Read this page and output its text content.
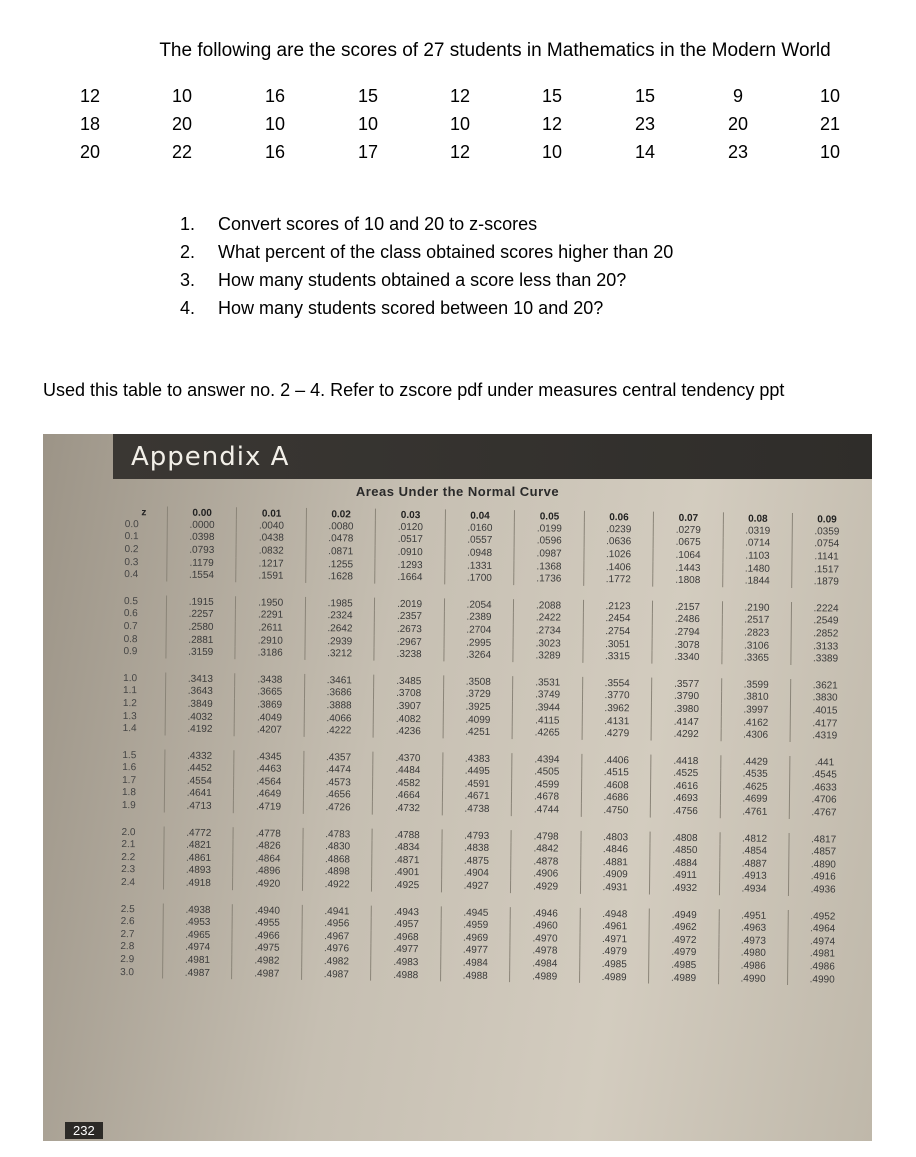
The following are the scores of 27 students in Mathematics in the Modern World
12	10	16	15	12	15	15	9	10
18	20	10	10	10	12	23	20	21
20	22	16	17	12	10	14	23	10
1. Convert scores of 10 and 20 to z-scores
2. What percent of the class obtained scores higher than 20
3. How many students obtained a score less than 20?
4. How many students scored between 10 and 20?
Used this table to answer no. 2 – 4. Refer to zscore pdf under measures central tendency ppt
Appendix A
Areas Under the Normal Curve
z	0.00	0.01	0.02	0.03	0.04	0.05	0.06	0.07	0.08	0.09
0.0	.0000	.0040	.0080	.0120	.0160	.0199	.0239	.0279	.0319	.0359
0.1	.0398	.0438	.0478	.0517	.0557	.0596	.0636	.0675	.0714	.0754
0.2	.0793	.0832	.0871	.0910	.0948	.0987	.1026	.1064	.1103	.1141
0.3	.1179	.1217	.1255	.1293	.1331	.1368	.1406	.1443	.1480	.1517
0.4	.1554	.1591	.1628	.1664	.1700	.1736	.1772	.1808	.1844	.1879

0.5	.1915	.1950	.1985	.2019	.2054	.2088	.2123	.2157	.2190	.2224
0.6	.2257	.2291	.2324	.2357	.2389	.2422	.2454	.2486	.2517	.2549
0.7	.2580	.2611	.2642	.2673	.2704	.2734	.2754	.2794	.2823	.2852
0.8	.2881	.2910	.2939	.2967	.2995	.3023	.3051	.3078	.3106	.3133
0.9	.3159	.3186	.3212	.3238	.3264	.3289	.3315	.3340	.3365	.3389

1.0	.3413	.3438	.3461	.3485	.3508	.3531	.3554	.3577	.3599	.3621
1.1	.3643	.3665	.3686	.3708	.3729	.3749	.3770	.3790	.3810	.3830
1.2	.3849	.3869	.3888	.3907	.3925	.3944	.3962	.3980	.3997	.4015
1.3	.4032	.4049	.4066	.4082	.4099	.4115	.4131	.4147	.4162	.4177
1.4	.4192	.4207	.4222	.4236	.4251	.4265	.4279	.4292	.4306	.4319

1.5	.4332	.4345	.4357	.4370	.4383	.4394	.4406	.4418	.4429	.441
1.6	.4452	.4463	.4474	.4484	.4495	.4505	.4515	.4525	.4535	.4545
1.7	.4554	.4564	.4573	.4582	.4591	.4599	.4608	.4616	.4625	.4633
1.8	.4641	.4649	.4656	.4664	.4671	.4678	.4686	.4693	.4699	.4706
1.9	.4713	.4719	.4726	.4732	.4738	.4744	.4750	.4756	.4761	.4767

2.0	.4772	.4778	.4783	.4788	.4793	.4798	.4803	.4808	.4812	.4817
2.1	.4821	.4826	.4830	.4834	.4838	.4842	.4846	.4850	.4854	.4857
2.2	.4861	.4864	.4868	.4871	.4875	.4878	.4881	.4884	.4887	.4890
2.3	.4893	.4896	.4898	.4901	.4904	.4906	.4909	.4911	.4913	.4916
2.4	.4918	.4920	.4922	.4925	.4927	.4929	.4931	.4932	.4934	.4936

2.5	.4938	.4940	.4941	.4943	.4945	.4946	.4948	.4949	.4951	.4952
2.6	.4953	.4955	.4956	.4957	.4959	.4960	.4961	.4962	.4963	.4964
2.7	.4965	.4966	.4967	.4968	.4969	.4970	.4971	.4972	.4973	.4974
2.8	.4974	.4975	.4976	.4977	.4977	.4978	.4979	.4979	.4980	.4981
2.9	.4981	.4982	.4982	.4983	.4984	.4984	.4985	.4985	.4986	.4986
3.0	.4987	.4987	.4987	.4988	.4988	.4989	.4989	.4989	.4990	.4990
232
